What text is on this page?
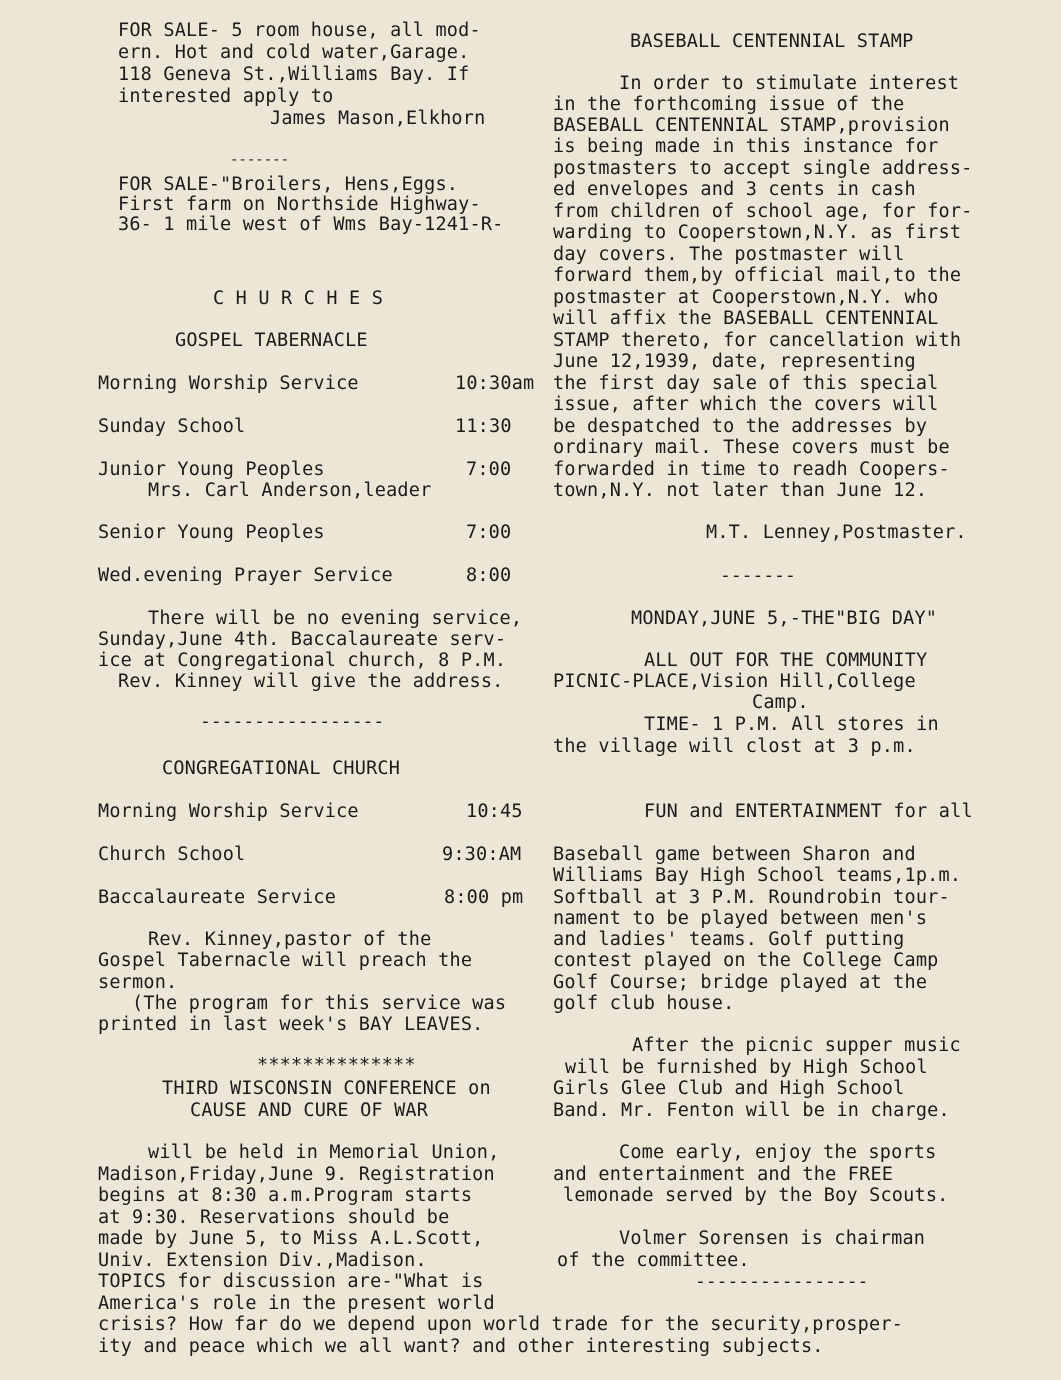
FOR SALE- 5 room house, all mod-
ern. Hot and cold water,Garage.
118 Geneva St.,Williams Bay. If
interested apply to
James Mason,Elkhorn
-------
FOR SALE-"Broilers, Hens,Eggs.
First farm on Northside Highway-
36- 1 mile west of Wms Bay-1241-R-
C H U R C H E S
GOSPEL TABERNACLE
Morning Worship Service	10:30am
Sunday School	11:30
Junior Young Peoples	7:00
Mrs. Carl Anderson,leader
Senior Young Peoples	7:00
Wed.evening Prayer Service	8:00
There will be no evening service,
Sunday,June 4th. Baccalaureate serv-
ice at Congregational church, 8 P.M.
Rev. Kinney will give the address.
-----------------
CONGREGATIONAL CHURCH
Morning Worship Service	10:45
Church School	9:30:AM
Baccalaureate Service	8:00 pm
Rev. Kinney,pastor of the
Gospel Tabernacle will preach the
sermon.
(The program for this service was
printed in last week's BAY LEAVES.
**************
THIRD WISCONSIN CONFERENCE on
CAUSE AND CURE OF WAR
will be held in Memorial Union,
Madison,Friday,June 9. Registration
begins at 8:30 a.m.Program starts
at 9:30. Reservations should be
made by June 5, to Miss A.L.Scott,
Univ. Extension Div.,Madison.
TOPICS for discussion are-"What is
America's role in the present world
BASEBALL CENTENNIAL STAMP
In order to stimulate interest
in the forthcoming issue of the
BASEBALL CENTENNIAL STAMP,provision
is being made in this instance for
postmasters to accept single address-
ed envelopes and 3 cents in cash
from children of school age, for for-
warding to Cooperstown,N.Y. as first
day covers. The postmaster will
forward them,by official mail,to the
postmaster at Cooperstown,N.Y. who
will affix the BASEBALL CENTENNIAL
STAMP thereto, for cancellation with
June 12,1939, date, representing
the first day sale of this special
issue, after which the covers will
be despatched to the addresses by
ordinary mail. These covers must be
forwarded in time to readh Coopers-
town,N.Y. not later than June 12.
M.T. Lenney,Postmaster.
-------
MONDAY,JUNE 5,-THE"BIG DAY"
ALL OUT FOR THE COMMUNITY
PICNIC-PLACE,Vision Hill,College
Camp.
TIME- 1 P.M. All stores in
the village will clost at 3 p.m.
FUN and ENTERTAINMENT for all
Baseball game between Sharon and
Williams Bay High School teams,1p.m.
Softball at 3 P.M. Roundrobin tour-
nament to be played between men's
and ladies' teams. Golf putting
contest played on the College Camp
Golf Course; bridge played at the
golf club house.
After the picnic supper music
will be furnished by High School
Girls Glee Club and High School
Band. Mr. Fenton will be in charge.
Come early, enjoy the sports
and entertainment and the FREE
lemonade served by the Boy Scouts.
Volmer Sorensen is chairman
of the committee.
----------------
crisis? How far do we depend upon world trade for the security,prosper-
ity and peace which we all want? and other interesting subjects.
